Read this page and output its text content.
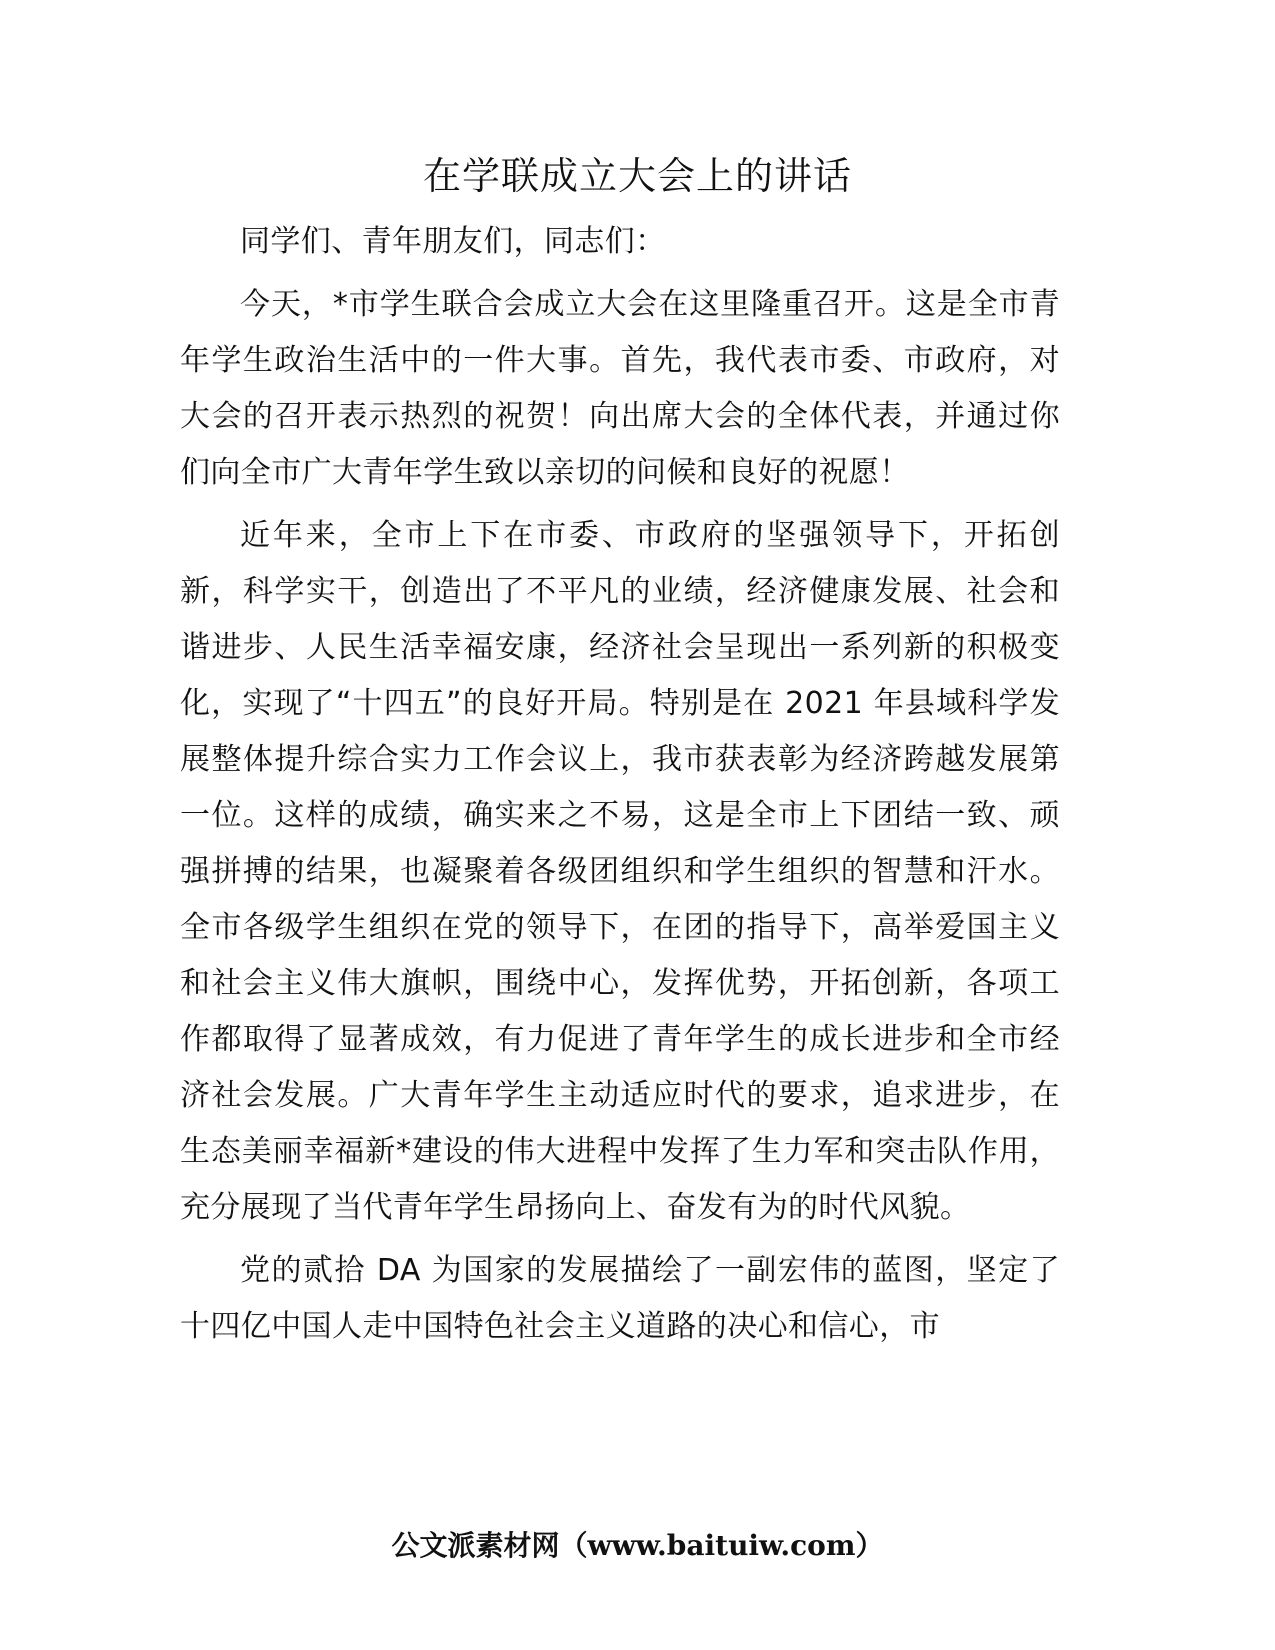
在学联成立大会上的讲话

同学们、青年朋友们，同志们：

今天，*市学生联合会成立大会在这里隆重召开。这是全市青年学生政治生活中的一件大事。首先，我代表市委、市政府，对大会的召开表示热烈的祝贺！向出席大会的全体代表，并通过你们向全市广大青年学生致以亲切的问候和良好的祝愿！

近年来，全市上下在市委、市政府的坚强领导下，开拓创新，科学实干，创造出了不平凡的业绩，经济健康发展、社会和谐进步、人民生活幸福安康，经济社会呈现出一系列新的积极变化，实现了“十四五”的良好开局。特别是在 2021 年县域科学发展整体提升综合实力工作会议上，我市获表彰为经济跨越发展第一位。这样的成绩，确实来之不易，这是全市上下团结一致、顽强拼搏的结果，也凝聚着各级团组织和学生组织的智慧和汗水。全市各级学生组织在党的领导下，在团的指导下，高举爱国主义和社会主义伟大旗帜，围绕中心，发挥优势，开拓创新，各项工作都取得了显著成效，有力促进了青年学生的成长进步和全市经济社会发展。广大青年学生主动适应时代的要求，追求进步，在生态美丽幸福新*建设的伟大进程中发挥了生力军和突击队作用，充分展现了当代青年学生昂扬向上、奋发有为的时代风貌。

党的贰拾 DA 为国家的发展描绘了一副宏伟的蓝图，坚定了十四亿中国人走中国特色社会主义道路的决心和信心，市

公文派素材网（www.baituiw.com）
